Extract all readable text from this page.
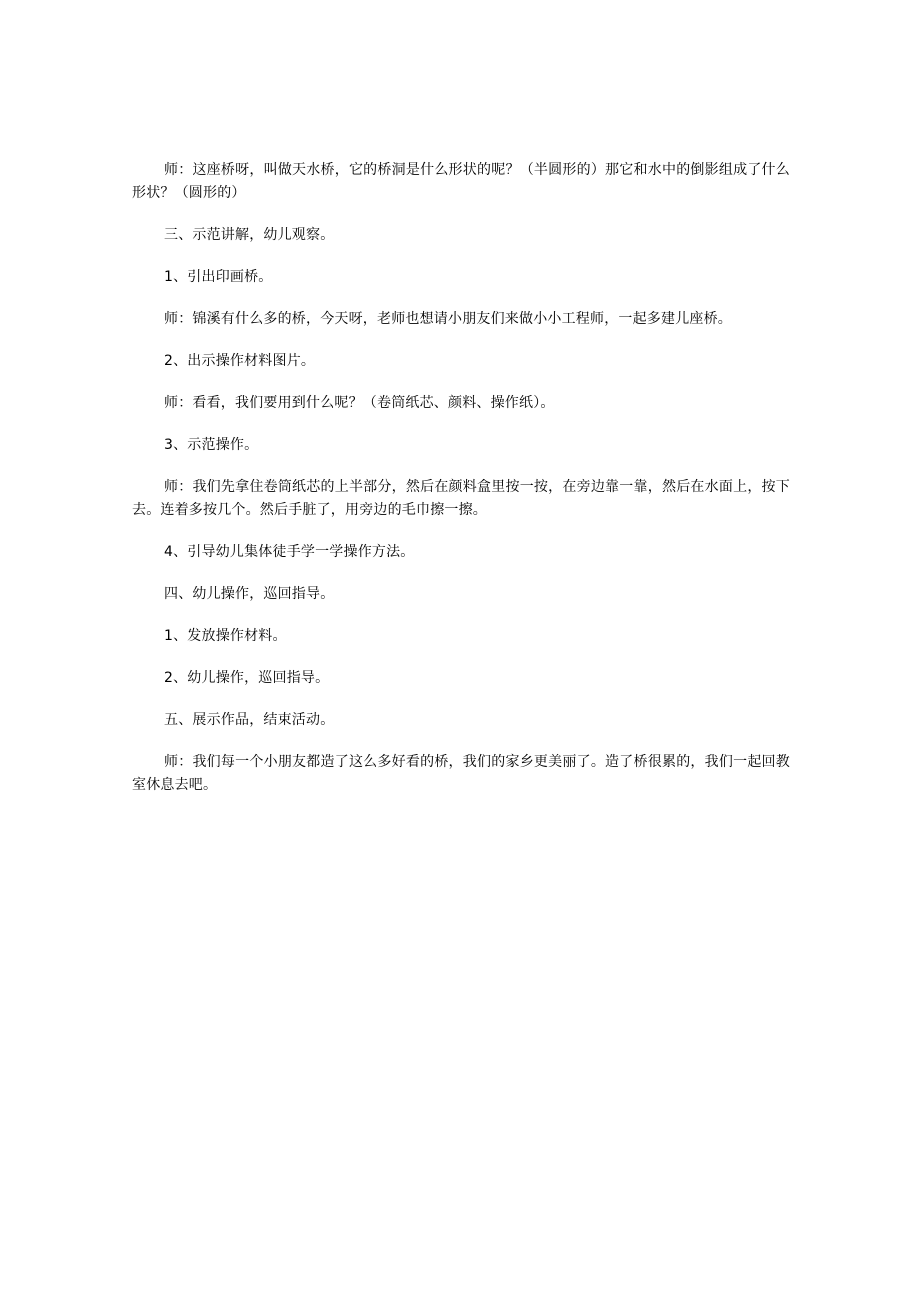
师：这座桥呀，叫做天水桥，它的桥洞是什么形状的呢？（半圆形的）那它和水中的倒影组成了什么形状？（圆形的）

三、示范讲解，幼儿观察。

1、引出印画桥。

师：锦溪有什么多的桥，今天呀，老师也想请小朋友们来做小小工程师，一起多建儿座桥。

2、出示操作材料图片。

师：看看，我们要用到什么呢？（卷筒纸芯、颜料、操作纸）。

3、示范操作。

师：我们先拿住卷筒纸芯的上半部分，然后在颜料盒里按一按，在旁边靠一靠，然后在水面上，按下去。连着多按几个。然后手脏了，用旁边的毛巾擦一擦。

4、引导幼儿集体徒手学一学操作方法。

四、幼儿操作，巡回指导。

1、发放操作材料。

2、幼儿操作，巡回指导。

五、展示作品，结束活动。

师：我们每一个小朋友都造了这么多好看的桥，我们的家乡更美丽了。造了桥很累的，我们一起回教室休息去吧。
